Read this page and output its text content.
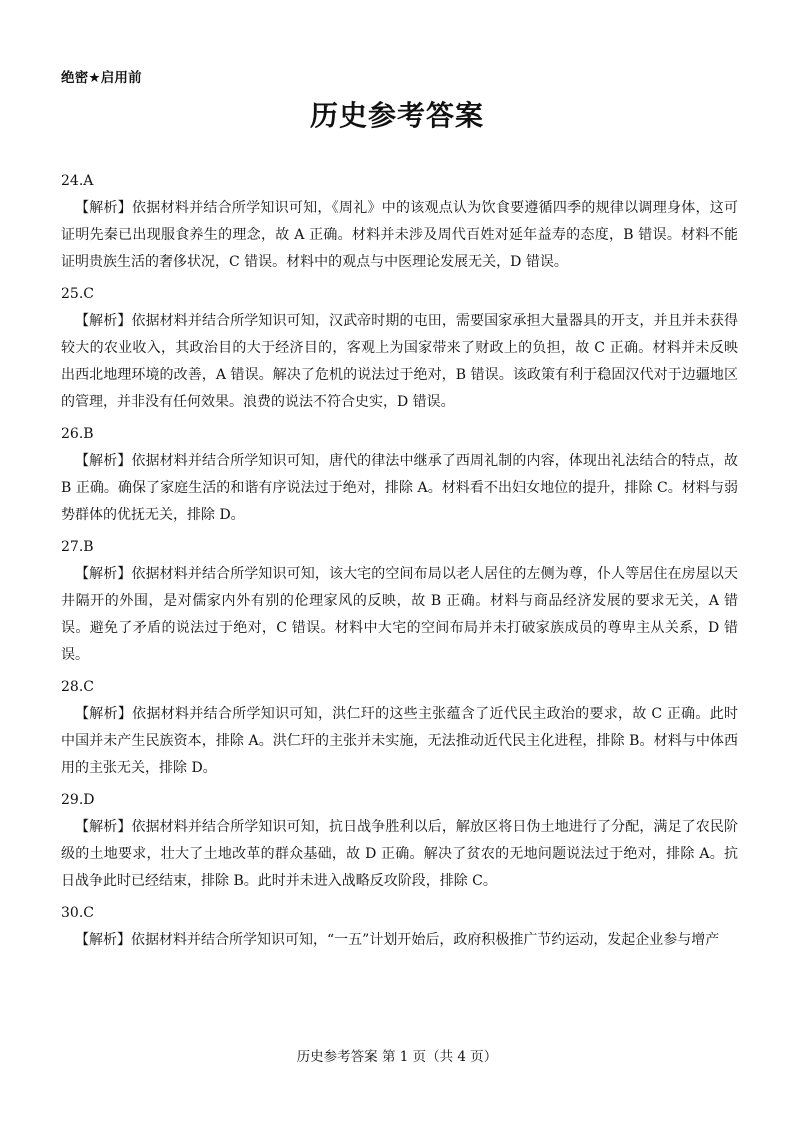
绝密★启用前
历史参考答案

24.A

【解析】依据材料并结合所学知识可知，《周礼》中的该观点认为饮食要遵循四季的规律以调理身体，这可证明先秦已出现服食养生的理念，故 A 正确。材料并未涉及周代百姓对延年益寿的态度，B 错误。材料不能证明贵族生活的奢侈状况，C 错误。材料中的观点与中医理论发展无关，D 错误。

25.C

【解析】依据材料并结合所学知识可知，汉武帝时期的屯田，需要国家承担大量器具的开支，并且并未获得较大的农业收入，其政治目的大于经济目的，客观上为国家带来了财政上的负担，故 C 正确。材料并未反映出西北地理环境的改善，A 错误。解决了危机的说法过于绝对，B 错误。该政策有利于稳固汉代对于边疆地区的管理，并非没有任何效果。浪费的说法不符合史实，D 错误。

26.B

【解析】依据材料并结合所学知识可知，唐代的律法中继承了西周礼制的内容，体现出礼法结合的特点，故 B 正确。确保了家庭生活的和谐有序说法过于绝对，排除 A。材料看不出妇女地位的提升，排除 C。材料与弱势群体的优抚无关，排除 D。

27.B

【解析】依据材料并结合所学知识可知，该大宅的空间布局以老人居住的左侧为尊，仆人等居住在房屋以天井隔开的外围，是对儒家内外有别的伦理家风的反映，故 B 正确。材料与商品经济发展的要求无关，A 错误。避免了矛盾的说法过于绝对，C 错误。材料中大宅的空间布局并未打破家族成员的尊卑主从关系，D 错误。

28.C

【解析】依据材料并结合所学知识可知，洪仁玕的这些主张蕴含了近代民主政治的要求，故 C 正确。此时中国并未产生民族资本，排除 A。洪仁玕的主张并未实施，无法推动近代民主化进程，排除 B。材料与中体西用的主张无关，排除 D。

29.D

【解析】依据材料并结合所学知识可知，抗日战争胜利以后，解放区将日伪土地进行了分配，满足了农民阶级的土地要求，壮大了土地改革的群众基础，故 D 正确。解决了贫农的无地问题说法过于绝对，排除 A。抗日战争此时已经结束，排除 B。此时并未进入战略反攻阶段，排除 C。

30.C

【解析】依据材料并结合所学知识可知，“一五”计划开始后，政府积极推广节约运动，发起企业参与增产

历史参考答案 第 1 页（共 4 页）
